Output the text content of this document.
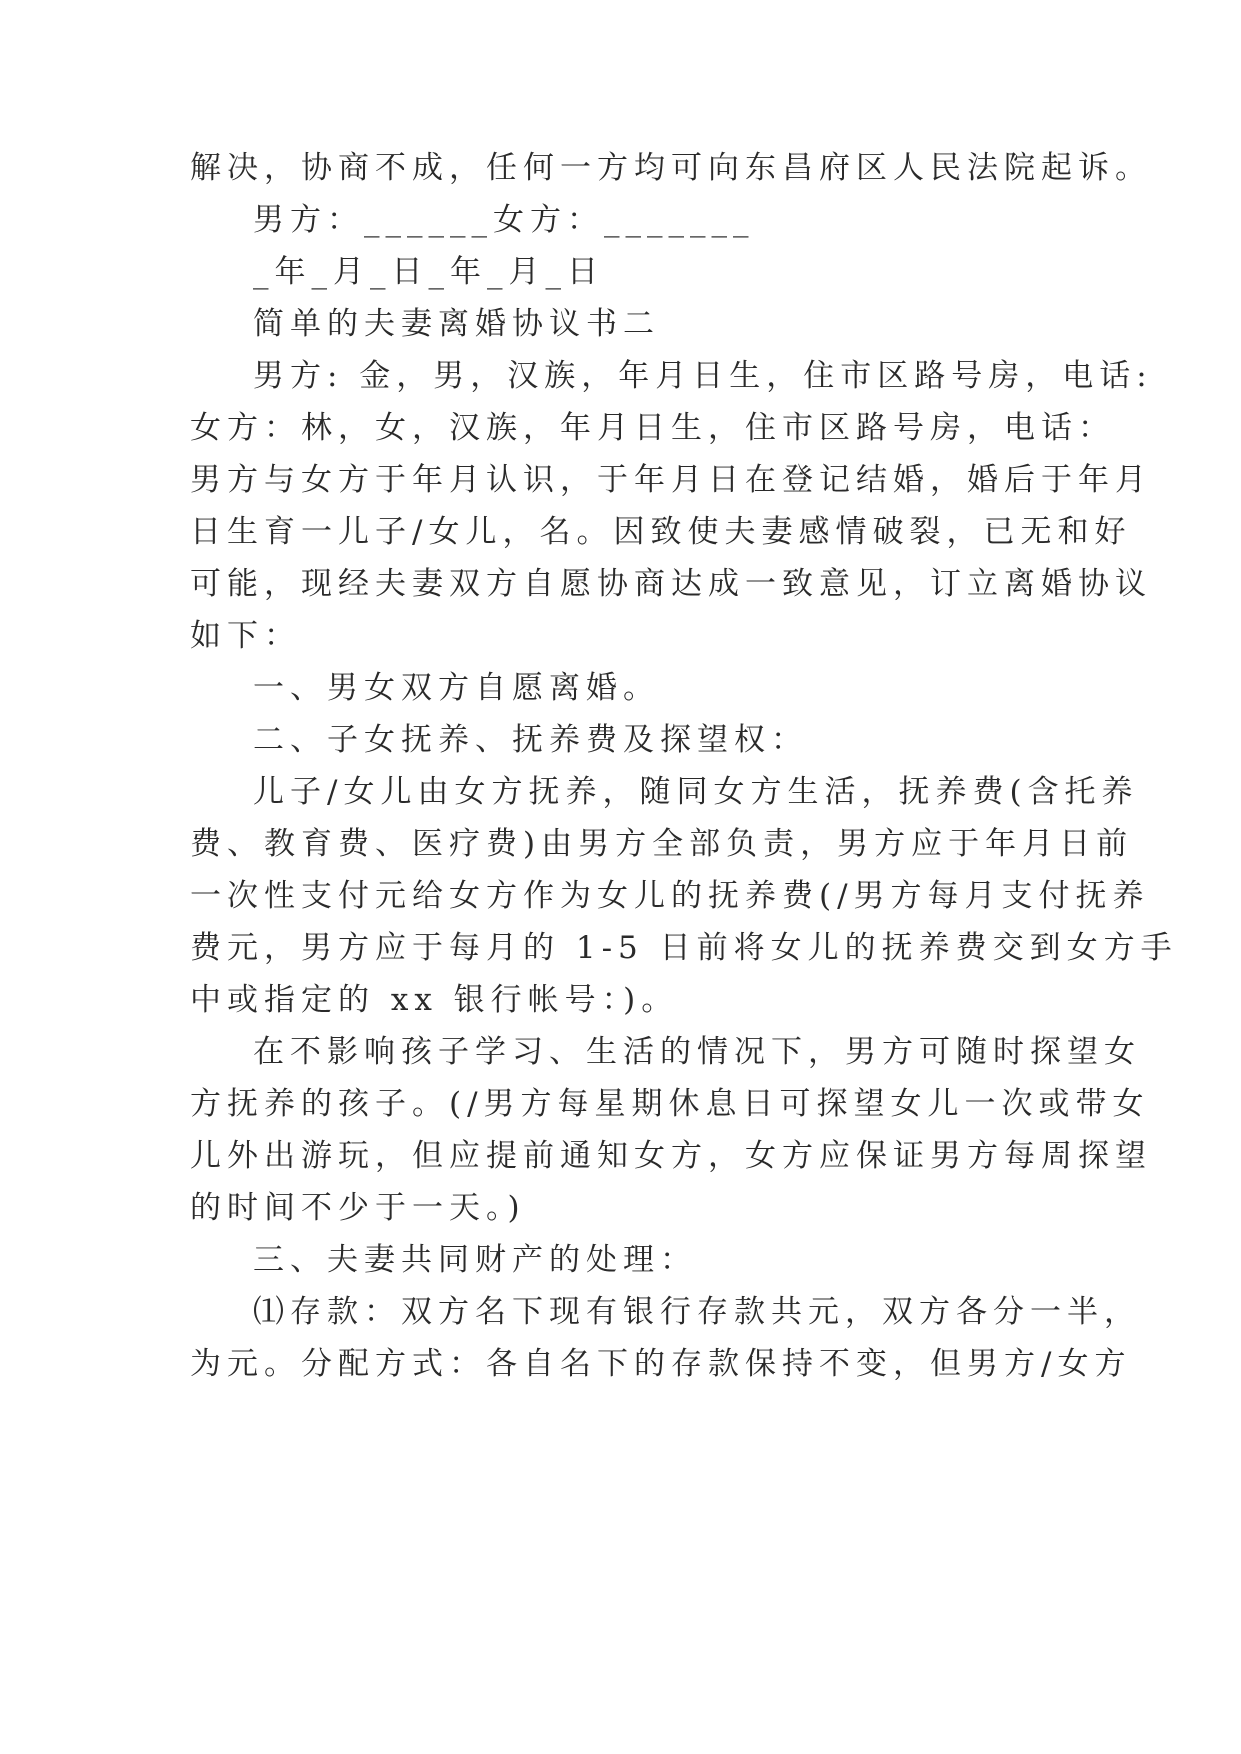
解决，协商不成，任何一方均可向东昌府区人民法院起诉。
男方：______女方：_______
_年_月_日_年_月_日
简单的夫妻离婚协议书二
男方: 金，男，汉族，年月日生，住市区路号房，电话:
女方：林，女，汉族，年月日生，住市区路号房，电话：
男方与女方于年月认识，于年月日在登记结婚，婚后于年月
日生育一儿子/女儿，名。因致使夫妻感情破裂，已无和好
可能，现经夫妻双方自愿协商达成一致意见，订立离婚协议
如下：
一、男女双方自愿离婚。
二、子女抚养、抚养费及探望权：
儿子/女儿由女方抚养，随同女方生活，抚养费(含托养
费、教育费、医疗费)由男方全部负责，男方应于年月日前
一次性支付元给女方作为女儿的抚养费(/男方每月支付抚养
费元，男方应于每月的 1-5 日前将女儿的抚养费交到女方手
中或指定的 xx 银行帐号：)。
在不影响孩子学习、生活的情况下，男方可随时探望女
方抚养的孩子。(/男方每星期休息日可探望女儿一次或带女
儿外出游玩，但应提前通知女方，女方应保证男方每周探望
的时间不少于一天。)
三、夫妻共同财产的处理：
⑴存款：双方名下现有银行存款共元，双方各分一半，
为元。分配方式：各自名下的存款保持不变，但男方/女方
